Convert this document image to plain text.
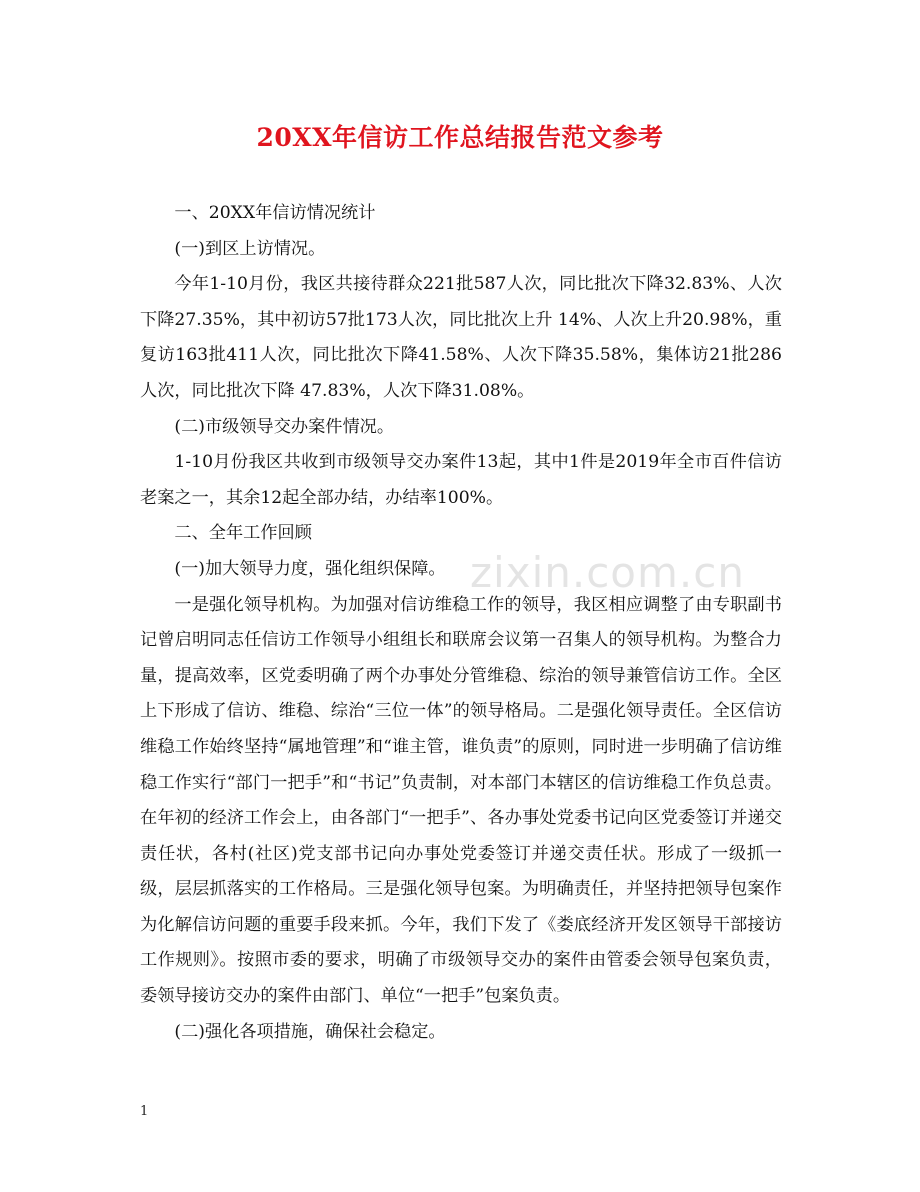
20XX年信访工作总结报告范文参考

一、20XX年信访情况统计

(一)到区上访情况。

今年1-10月份，我区共接待群众221批587人次，同比批次下降32.83%、人次下降27.35%，其中初访57批173人次，同比批次上升 14%、人次上升20.98%，重复访163批411人次，同比批次下降41.58%、人次下降35.58%，集体访21批286人次，同比批次下降 47.83%，人次下降31.08%。

(二)市级领导交办案件情况。

1-10月份我区共收到市级领导交办案件13起，其中1件是2019年全市百件信访老案之一，其余12起全部办结，办结率100%。

二、全年工作回顾

(一)加大领导力度，强化组织保障。

一是强化领导机构。为加强对信访维稳工作的领导，我区相应调整了由专职副书记曾启明同志任信访工作领导小组组长和联席会议第一召集人的领导机构。为整合力量，提高效率，区党委明确了两个办事处分管维稳、综治的领导兼管信访工作。全区上下形成了信访、维稳、综治“三位一体”的领导格局。二是强化领导责任。全区信访维稳工作始终坚持“属地管理”和“谁主管，谁负责”的原则，同时进一步明确了信访维稳工作实行“部门一把手”和“书记”负责制，对本部门本辖区的信访维稳工作负总责。在年初的经济工作会上，由各部门“一把手”、各办事处党委书记向区党委签订并递交责任状，各村(社区)党支部书记向办事处党委签订并递交责任状。形成了一级抓一级，层层抓落实的工作格局。三是强化领导包案。为明确责任，并坚持把领导包案作为化解信访问题的重要手段来抓。今年，我们下发了《娄底经济开发区领导干部接访工作规则》。按照市委的要求，明确了市级领导交办的案件由管委会领导包案负责，委领导接访交办的案件由部门、单位“一把手”包案负责。

(二)强化各项措施，确保社会稳定。

zixin.com.cn
1
